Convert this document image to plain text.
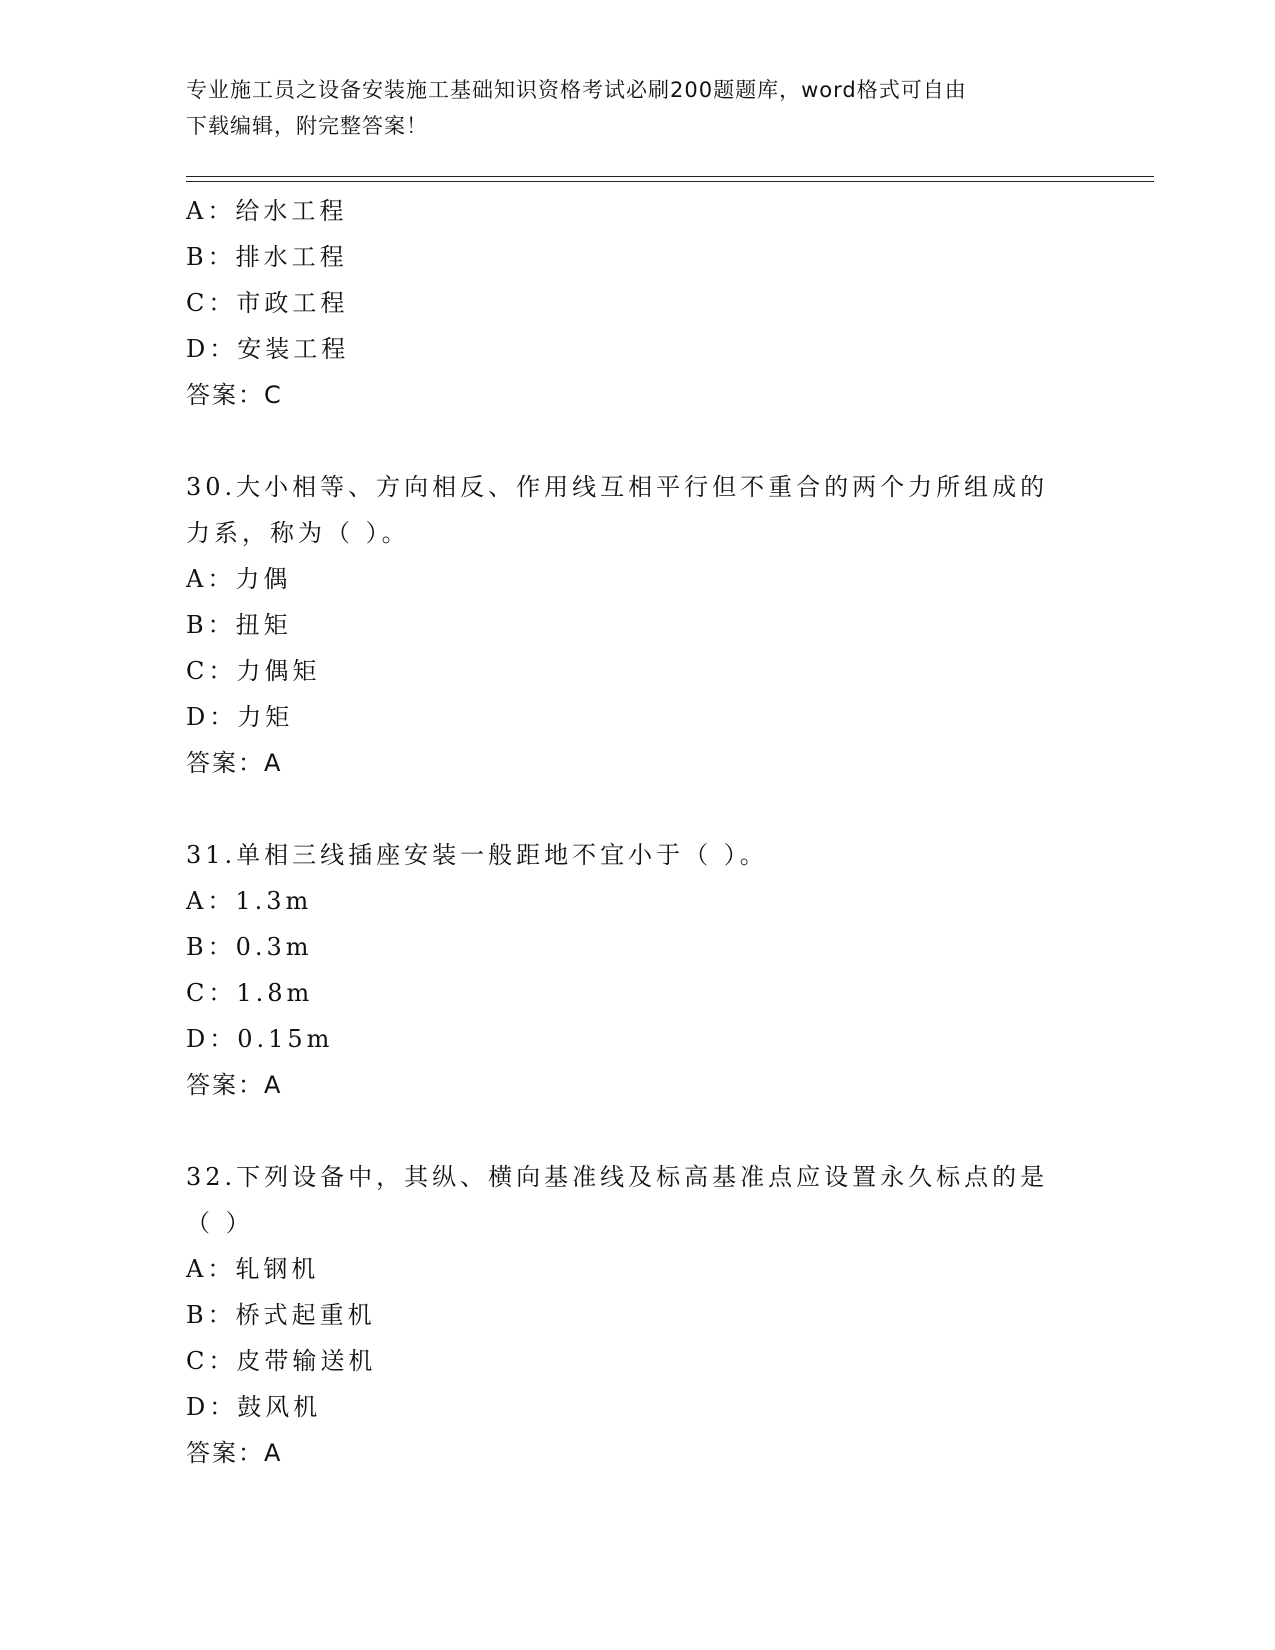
专业施工员之设备安装施工基础知识资格考试必刷200题题库，word格式可自由
下载编辑，附完整答案！
A：给水工程
B：排水工程
C：市政工程
D：安装工程
答案：C
30.大小相等、方向相反、作用线互相平行但不重合的两个力所组成的
力系，称为（ ）。
A：力偶
B：扭矩
C：力偶矩
D：力矩
答案：A
31.单相三线插座安装一般距地不宜小于（ ）。
A：1.3m
B：0.3m
C：1.8m
D：0.15m
答案：A
32.下列设备中，其纵、横向基准线及标高基准点应设置永久标点的是
（ ）
A：轧钢机
B：桥式起重机
C：皮带输送机
D：鼓风机
答案：A
